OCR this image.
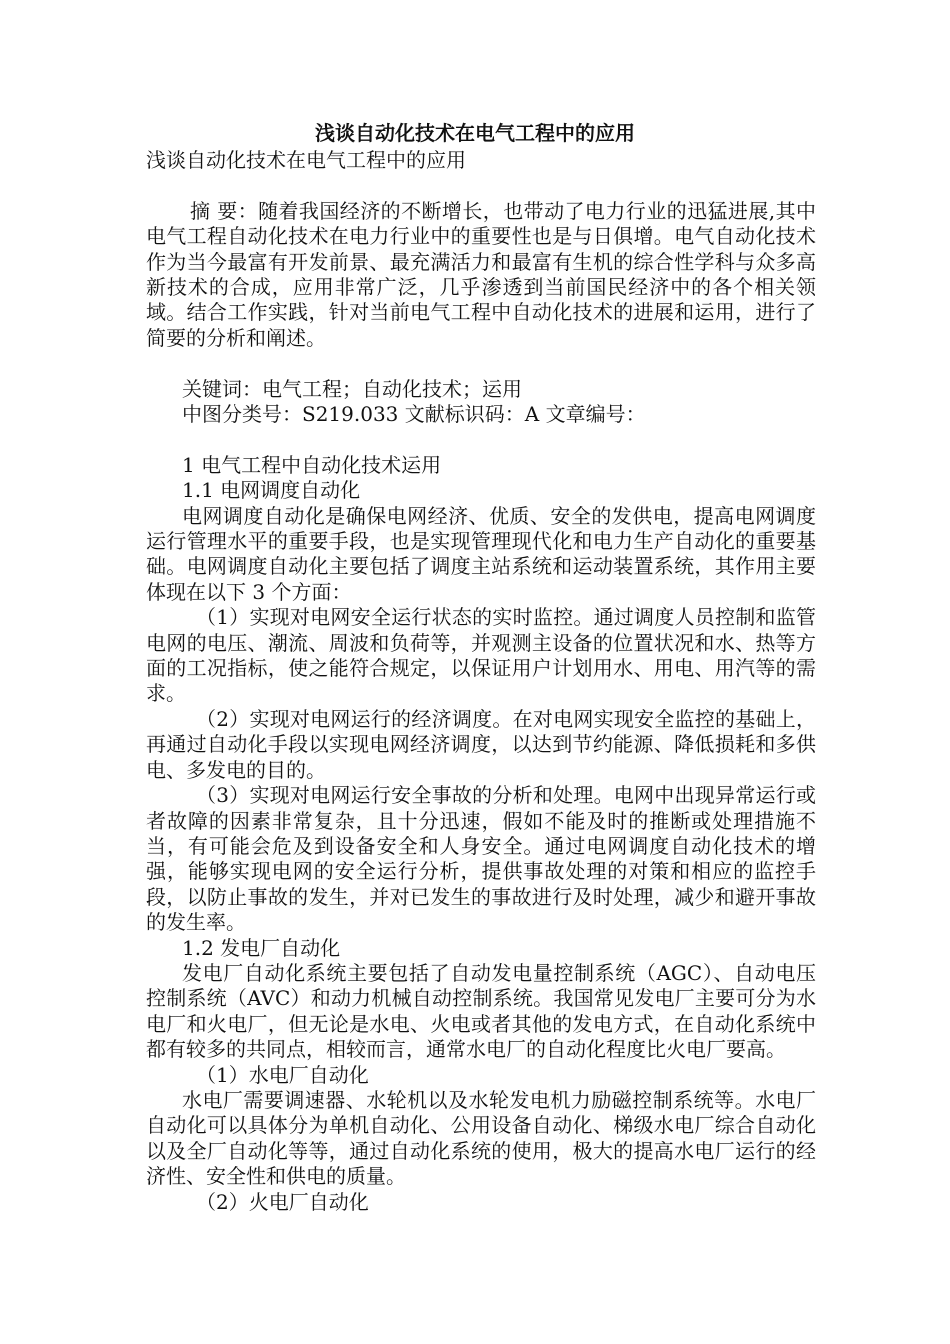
浅谈自动化技术在电气工程中的应用

浅谈自动化技术在电气工程中的应用

摘 要：随着我国经济的不断增长，也带动了电力行业的迅猛进展,其中电气工程自动化技术在电力行业中的重要性也是与日俱增。电气自动化技术作为当今最富有开发前景、最充满活力和最富有生机的综合性学科与众多高新技术的合成，应用非常广泛，几乎渗透到当前国民经济中的各个相关领域。结合工作实践，针对当前电气工程中自动化技术的进展和运用，进行了简要的分析和阐述。

关键词：电气工程；自动化技术；运用

中图分类号：S219.033 文献标识码：A 文章编号：

1 电气工程中自动化技术运用

1.1 电网调度自动化

电网调度自动化是确保电网经济、优质、安全的发供电，提高电网调度运行管理水平的重要手段，也是实现管理现代化和电力生产自动化的重要基础。电网调度自动化主要包括了调度主站系统和运动装置系统，其作用主要体现在以下 3 个方面：

（1）实现对电网安全运行状态的实时监控。通过调度人员控制和监管电网的电压、潮流、周波和负荷等，并观测主设备的位置状况和水、热等方面的工况指标，使之能符合规定，以保证用户计划用水、用电、用汽等的需求。

（2）实现对电网运行的经济调度。在对电网实现安全监控的基础上，再通过自动化手段以实现电网经济调度，以达到节约能源、降低损耗和多供电、多发电的目的。

（3）实现对电网运行安全事故的分析和处理。电网中出现异常运行或者故障的因素非常复杂，且十分迅速，假如不能及时的推断或处理措施不当，有可能会危及到设备安全和人身安全。通过电网调度自动化技术的增强，能够实现电网的安全运行分析，提供事故处理的对策和相应的监控手段，以防止事故的发生，并对已发生的事故进行及时处理，减少和避开事故的发生率。

1.2 发电厂自动化

发电厂自动化系统主要包括了自动发电量控制系统（AGC）、自动电压控制系统（AVC）和动力机械自动控制系统。我国常见发电厂主要可分为水电厂和火电厂，但无论是水电、火电或者其他的发电方式，在自动化系统中都有较多的共同点，相较而言，通常水电厂的自动化程度比火电厂要高。

（1）水电厂自动化

水电厂需要调速器、水轮机以及水轮发电机力励磁控制系统等。水电厂自动化可以具体分为单机自动化、公用设备自动化、梯级水电厂综合自动化以及全厂自动化等等，通过自动化系统的使用，极大的提高水电厂运行的经济性、安全性和供电的质量。

（2）火电厂自动化
